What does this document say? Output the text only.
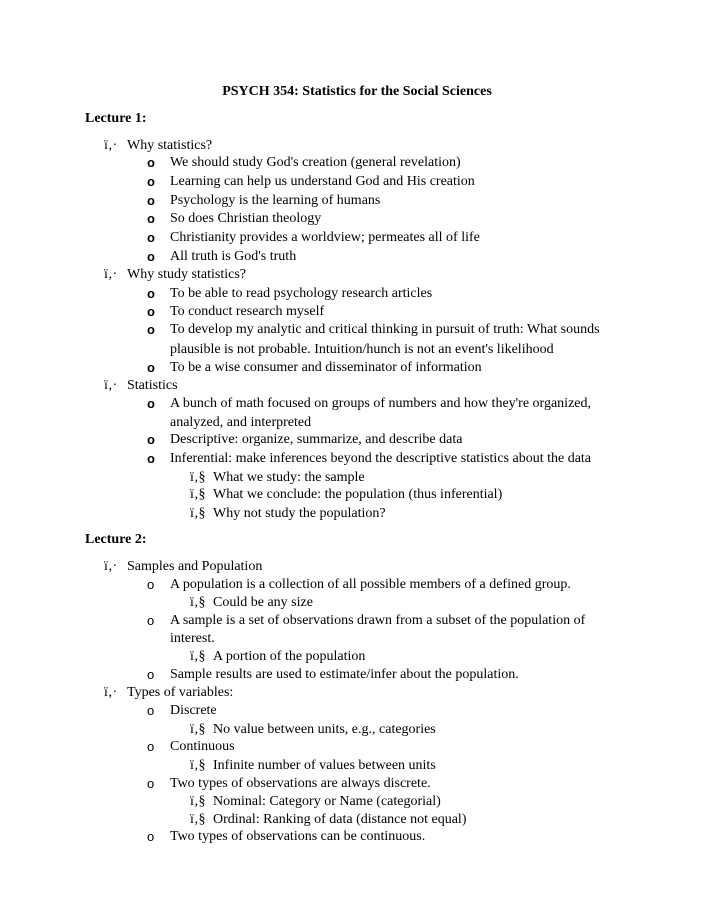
PSYCH 354: Statistics for the Social Sciences
Lecture 1:
ï‚· Why statistics?
o We should study God's creation (general revelation)
o Learning can help us understand God and His creation
o Psychology is the learning of humans
o So does Christian theology
o Christianity provides a worldview; permeates all of life
o All truth is God's truth
ï‚· Why study statistics?
o To be able to read psychology research articles
o To conduct research myself
o To develop my analytic and critical thinking in pursuit of truth: What sounds
plausible is not probable. Intuition/hunch is not an event's likelihood
o To be a wise consumer and disseminator of information
ï‚· Statistics
o A bunch of math focused on groups of numbers and how they're organized,
analyzed, and interpreted
o Descriptive: organize, summarize, and describe data
o Inferential: make inferences beyond the descriptive statistics about the data
ï‚§ What we study: the sample
ï‚§ What we conclude: the population (thus inferential)
ï‚§ Why not study the population?
Lecture 2:
ï‚· Samples and Population
o A population is a collection of all possible members of a defined group.
ï‚§ Could be any size
o A sample is a set of observations drawn from a subset of the population of
interest.
ï‚§ A portion of the population
o Sample results are used to estimate/infer about the population.
ï‚· Types of variables:
o Discrete
ï‚§ No value between units, e.g., categories
o Continuous
ï‚§ Infinite number of values between units
o Two types of observations are always discrete.
ï‚§ Nominal: Category or Name (categorial)
ï‚§ Ordinal: Ranking of data (distance not equal)
o Two types of observations can be continuous.
